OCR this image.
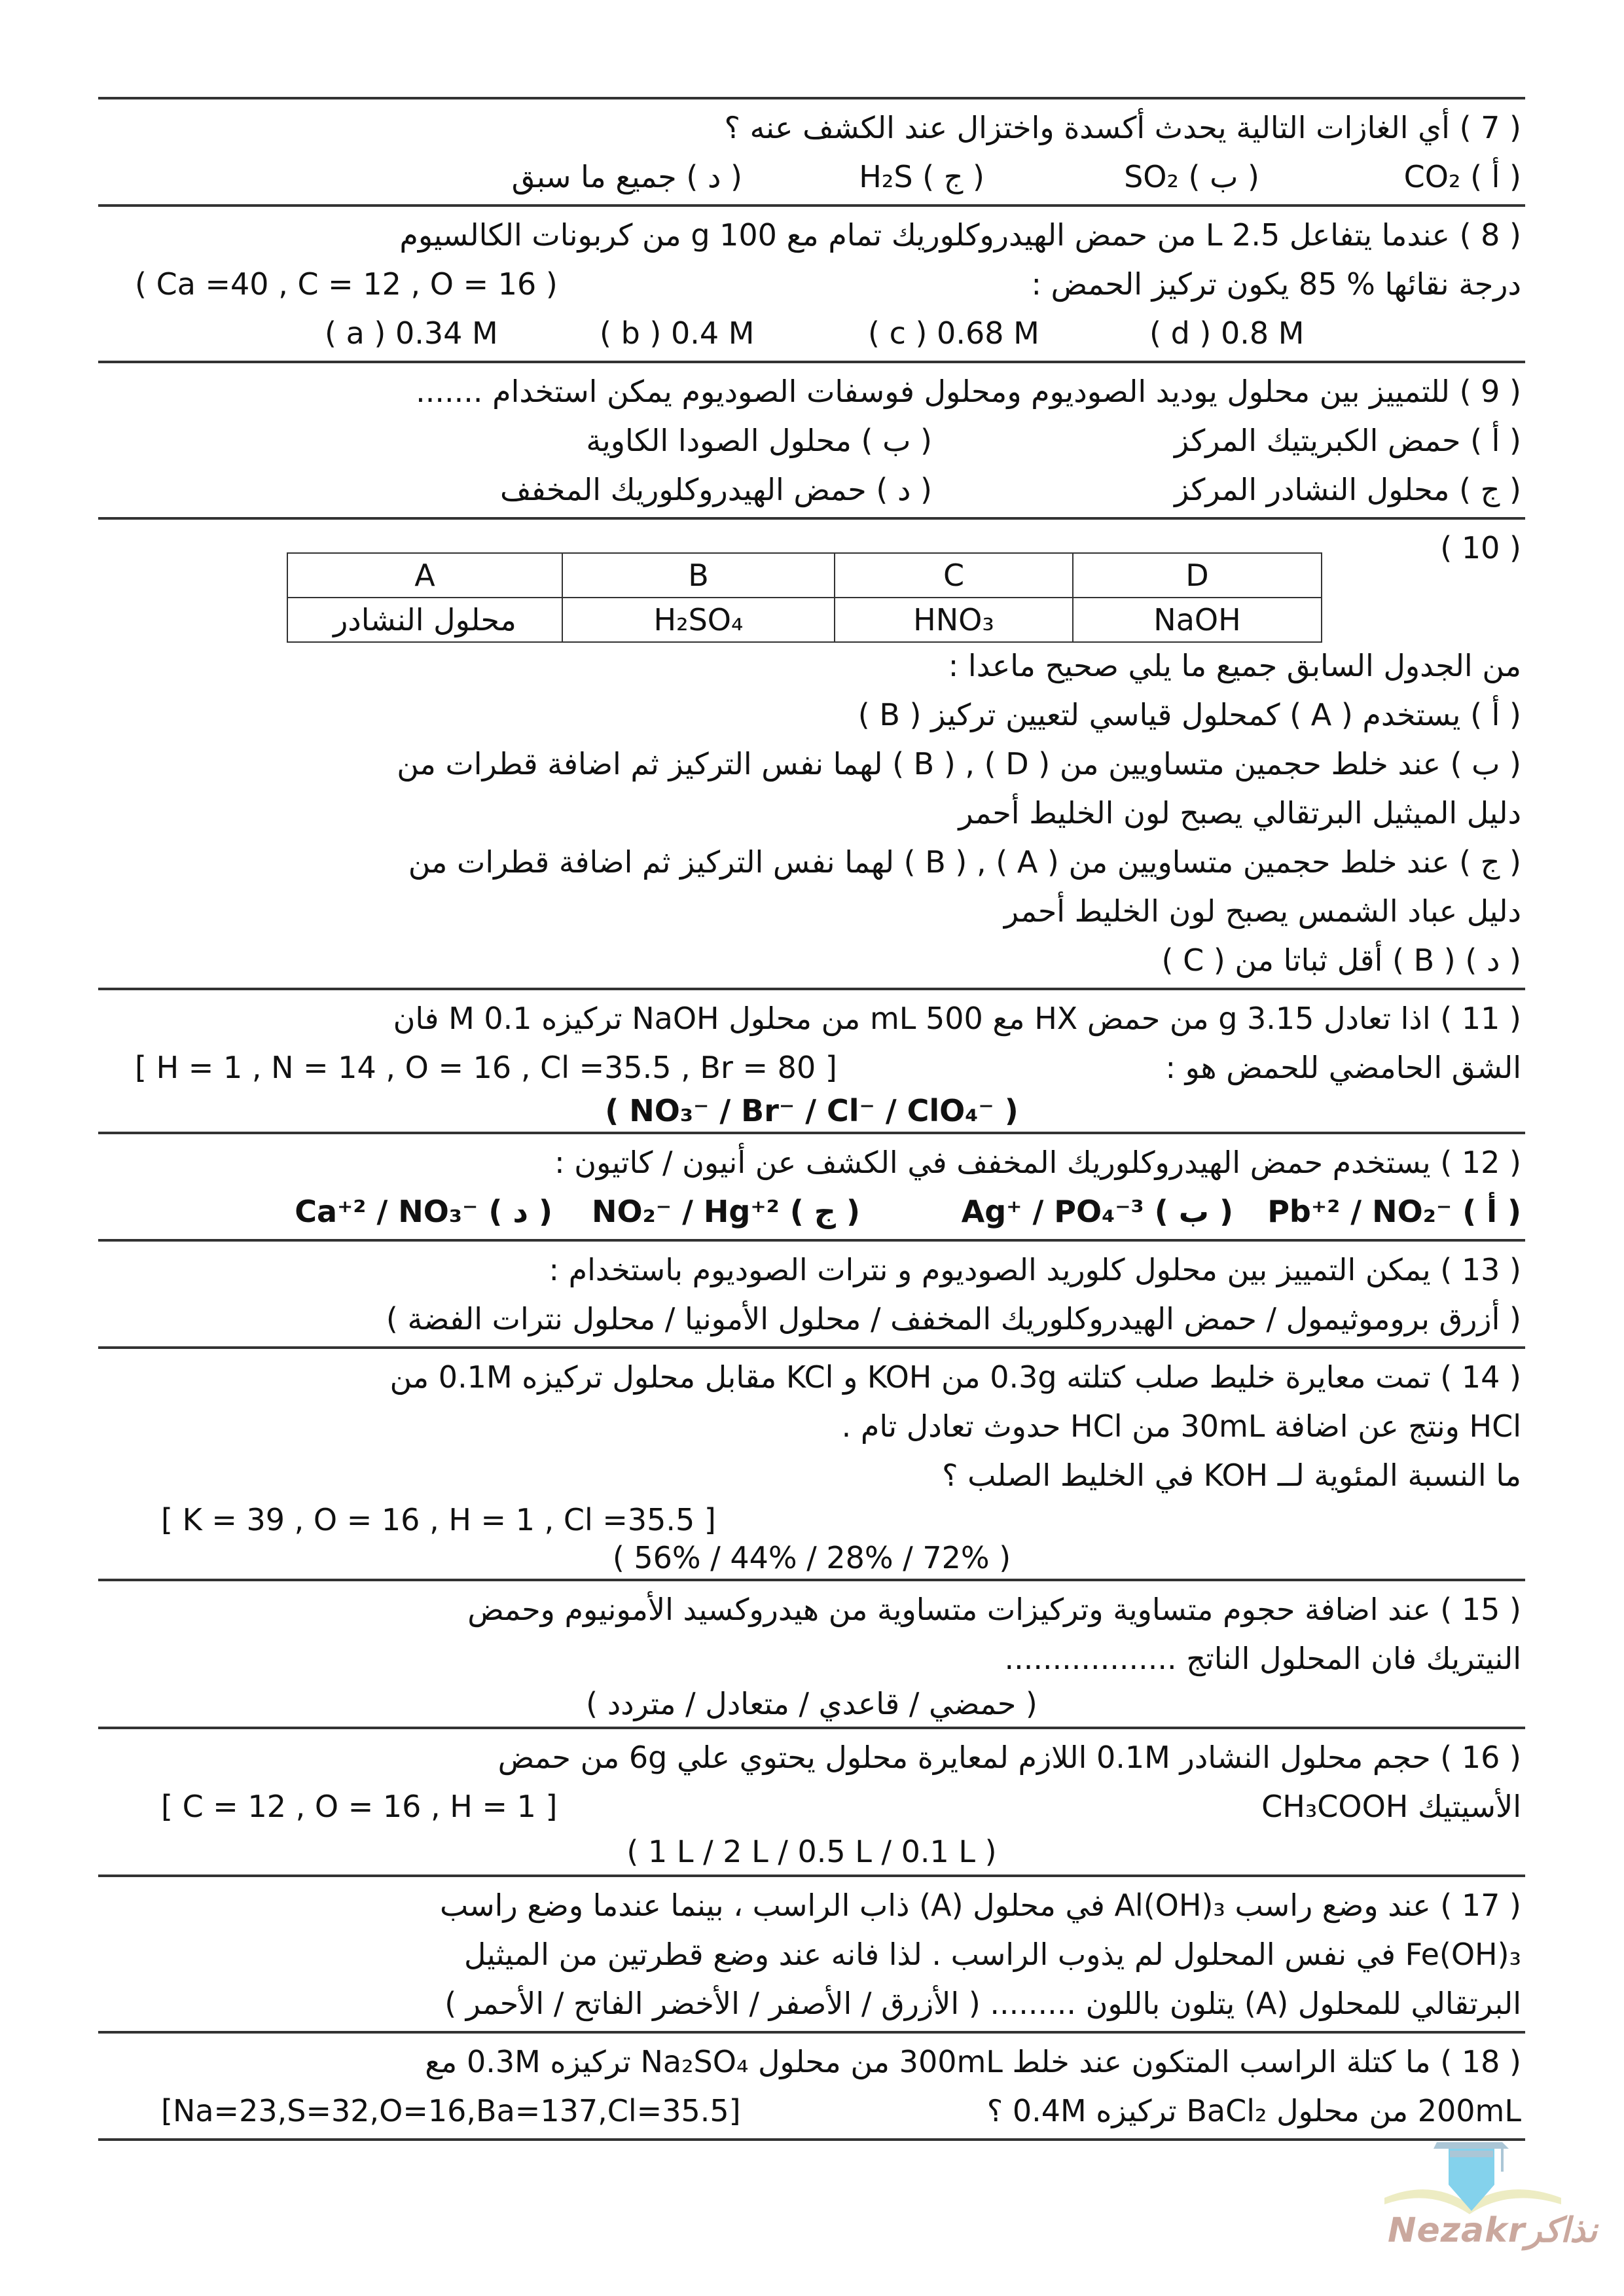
( 7 ) أي الغازات التالية يحدث أكسدة واختزال عند الكشف عنه ؟
( أ ) CO₂
( ب ) SO₂
( ج ) H₂S
( د ) جميع ما سبق
( 8 ) عندما يتفاعل 2.5 L من حمض الهيدروكلوريك تمام مع 100 g من كربونات الكالسيوم
درجة نقائها % 85 يكون تركيز الحمض :
( Ca =40 , C = 12 , O = 16 )
( a ) 0.34 M	( b ) 0.4 M	( c ) 0.68 M	( d ) 0.8 M
( 9 ) للتمييز بين محلول يوديد الصوديوم ومحلول فوسفات الصوديوم يمكن استخدام .......
( أ ) حمض الكبريتيك المركز
( ب ) محلول الصودا الكاوية
( ج ) محلول النشادر المركز
( د ) حمض الهيدروكلوريك المخفف
( 10 )
A	B	C	D
محلول النشادر	H₂SO₄	HNO₃	NaOH
من الجدول السابق جميع ما يلي صحيح ماعدا :
( أ ) يستخدم ( A ) كمحلول قياسي لتعيين تركيز ( B )
( ب ) عند خلط حجمين متساويين من ( D ) , ( B ) لهما نفس التركيز ثم اضافة قطرات من
دليل الميثيل البرتقالي يصبح لون الخليط أحمر
( ج ) عند خلط حجمين متساويين من ( A ) , ( B ) لهما نفس التركيز ثم اضافة قطرات من
دليل عباد الشمس يصبح لون الخليط أحمر
( د ) ( B ) أقل ثباتا من ( C )
( 11 ) اذا تعادل 3.15 g من حمض HX مع 500 mL من محلول NaOH تركيزه 0.1 M فان
الشق الحامضي للحمض هو :
[ H = 1 , N = 14 , O = 16 , Cl =35.5 , Br = 80 ]
( NO₃⁻ / Br⁻ / Cl⁻ / ClO₄⁻ )
( 12 ) يستخدم حمض الهيدروكلوريك المخفف في الكشف عن أنيون / كاتيون :
( أ ) Pb⁺² / NO₂⁻
( ب ) Ag⁺ / PO₄⁻³
( ج ) NO₂⁻ / Hg⁺²
( د ) Ca⁺² / NO₃⁻
( 13 ) يمكن التمييز بين محلول كلوريد الصوديوم و نترات الصوديوم باستخدام :
( أزرق بروموثيمول / حمض الهيدروكلوريك المخفف / محلول الأمونيا / محلول نترات الفضة )
( 14 ) تمت معايرة خليط صلب كتلته 0.3g من KOH و KCl مقابل محلول تركيزه 0.1M من
HCl ونتج عن اضافة 30mL من HCl حدوث تعادل تام .
ما النسبة المئوية لــ KOH في الخليط الصلب ؟
[ K = 39 , O = 16 , H = 1 , Cl =35.5 ]
( 56% / 44% / 28% / 72% )
( 15 ) عند اضافة حجوم متساوية وتركيزات متساوية من هيدروكسيد الأمونيوم وحمض
النيتريك فان المحلول الناتج ..................
( حمضي / قاعدي / متعادل / متردد )
( 16 ) حجم محلول النشادر 0.1M اللازم لمعايرة محلول يحتوي علي 6g من حمض
الأسيتيك CH₃COOH
[ C = 12 , O = 16 , H = 1 ]
( 1 L / 2 L / 0.5 L / 0.1 L )
( 17 ) عند وضع راسب Al(OH)₃ في محلول (A) ذاب الراسب ، بينما عندما وضع راسب
Fe(OH)₃ في نفس المحلول لم يذوب الراسب . لذا فانه عند وضع قطرتين من الميثيل
البرتقالي للمحلول (A) يتلون باللون ......... ( الأزرق / الأصفر / الأخضر الفاتح / الأحمر )
( 18 ) ما كتلة الراسب المتكون عند خلط 300mL من محلول Na₂SO₄ تركيزه 0.3M مع
200mL من محلول BaCl₂ تركيزه 0.4M ؟
[Na=23,S=32,O=16,Ba=137,Cl=35.5]
Nezakrنذاكر
